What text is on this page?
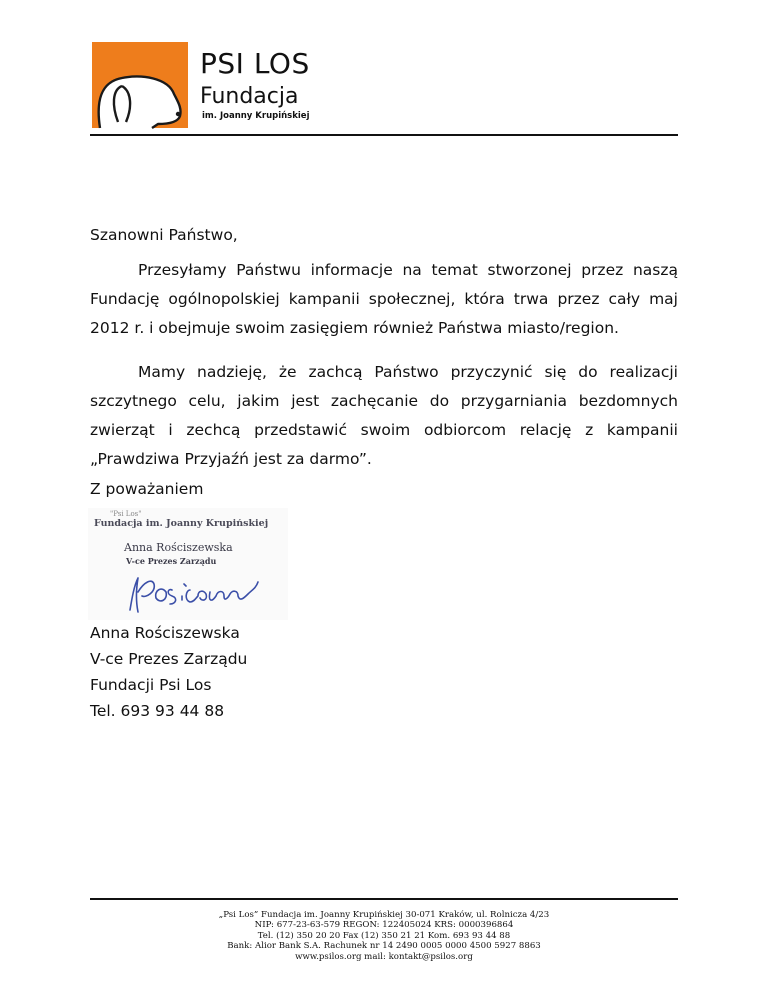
PSI LOS
Fundacja
im. Joanny Krupińskiej
Szanowni Państwo,
Przesyłamy Państwu informacje na temat stworzonej przez naszą Fundację ogólnopolskiej kampanii społecznej, która trwa przez cały maj 2012 r. i obejmuje swoim zasięgiem również Państwa miasto/region.
Mamy nadzieję, że zachcą Państwo przyczynić się do realizacji szczytnego celu, jakim jest zachęcanie do przygarniania bezdomnych zwierząt i zechcą przedstawić swoim odbiorcom relację z kampanii „Prawdziwa Przyjaźń jest za darmo”.
Z poważaniem
"Psi Los"
Fundacja im. Joanny Krupińskiej
Anna Rościszewska
V-ce Prezes Zarządu
Anna Rościszewska
V-ce Prezes Zarządu
Fundacji Psi Los
Tel. 693 93 44 88
„Psi Los” Fundacja im. Joanny Krupińskiej 30-071 Kraków, ul. Rolnicza 4/23
NIP: 677-23-63-579 REGON: 122405024 KRS: 0000396864
Tel. (12) 350 20 20 Fax (12) 350 21 21 Kom. 693 93 44 88
Bank: Alior Bank S.A. Rachunek nr 14 2490 0005 0000 4500 5927 8863
www.psilos.org mail: kontakt@psilos.org
